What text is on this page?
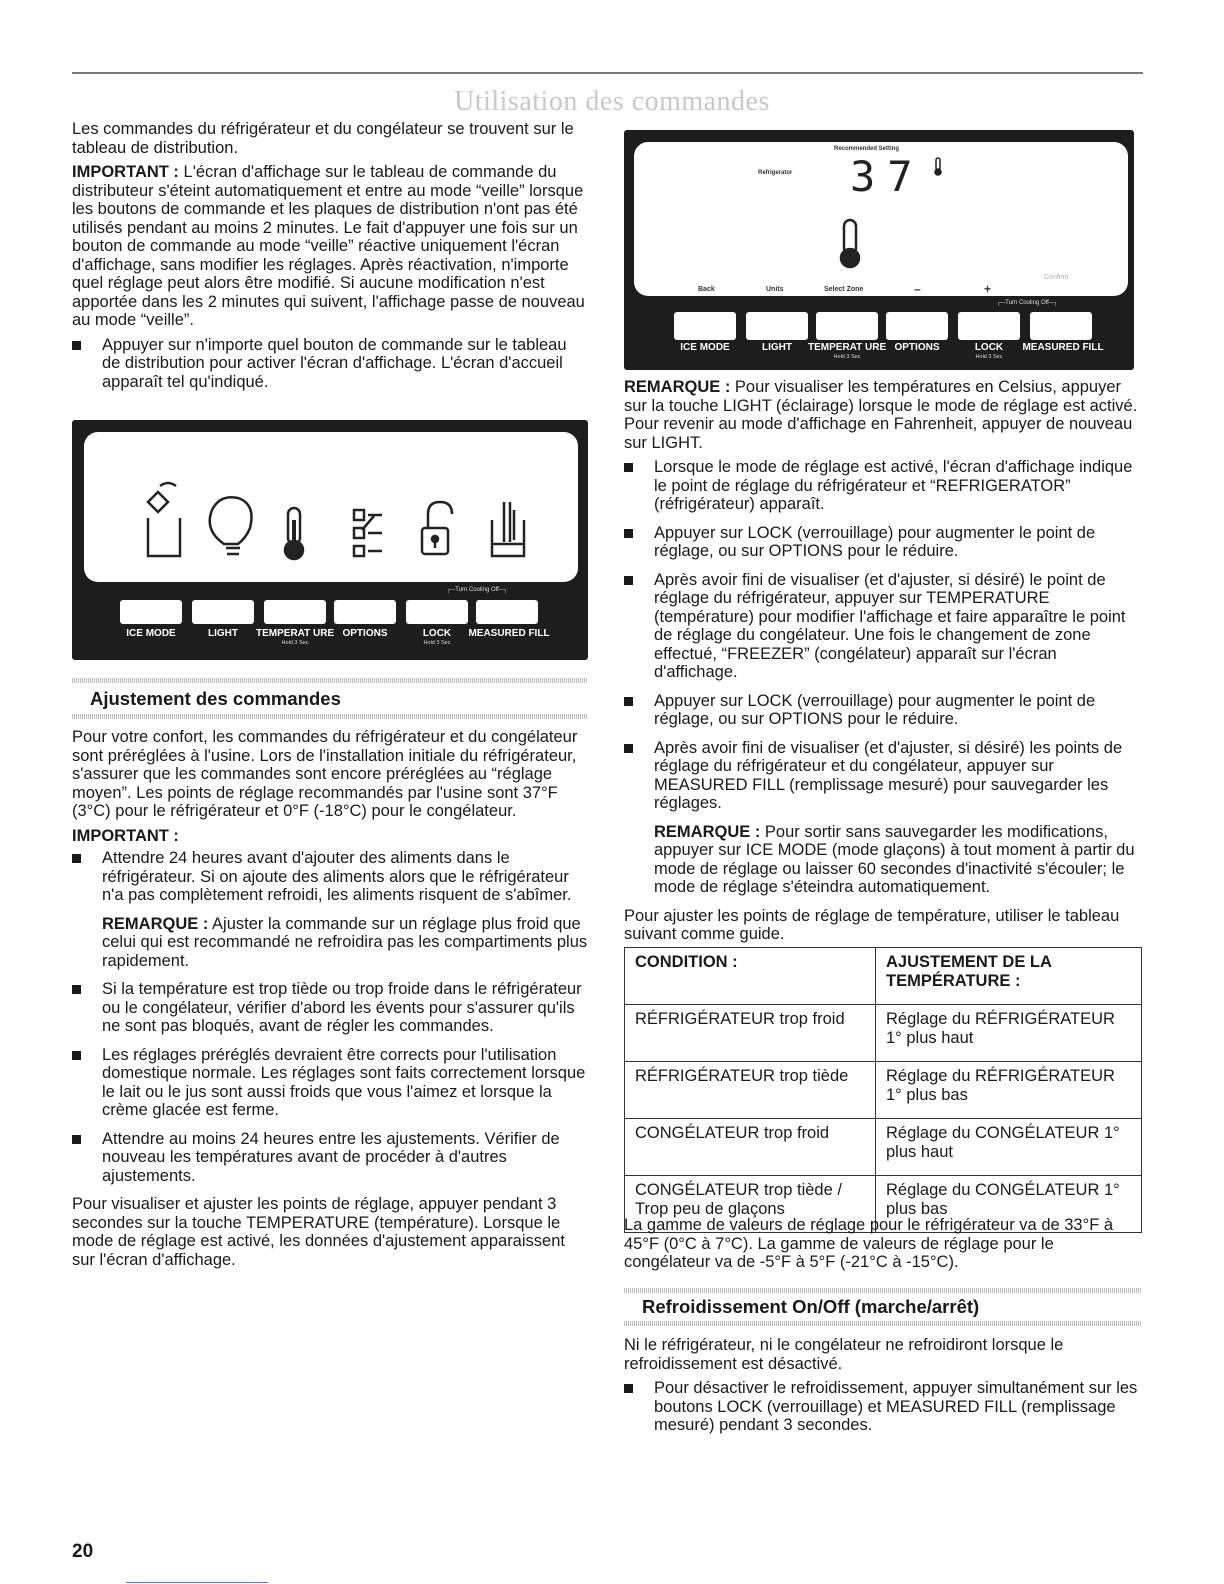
Utilisation des commandes

Les commandes du réfrigérateur et du congélateur se trouvent sur le tableau de distribution.

IMPORTANT : L'écran d'affichage sur le tableau de commande du distributeur s'éteint automatiquement et entre au mode “veille” lorsque les boutons de commande et les plaques de distribution n'ont pas été utilisés pendant au moins 2 minutes. Le fait d'appuyer une fois sur un bouton de commande au mode “veille” réactive uniquement l'écran d'affichage, sans modifier les réglages. Après réactivation, n'importe quel réglage peut alors être modifié. Si aucune modification n'est apportée dans les 2 minutes qui suivent, l'affichage passe de nouveau au mode “veille”.

Appuyer sur n'importe quel bouton de commande sur le tableau de distribution pour activer l'écran d'affichage. L'écran d'accueil apparaît tel qu'indiqué.
┌─Turn Cooling Off─┐
ICE MODE	LIGHT	TEMPERAT URE
Hold 3 Sec
OPTIONS	LOCK
Hold 3 Sec
MEASURED FILL
Ajustement des commandes

Pour votre confort, les commandes du réfrigérateur et du congélateur sont préréglées à l'usine. Lors de l'installation initiale du réfrigérateur, s'assurer que les commandes sont encore préréglées au “réglage moyen”. Les points de réglage recommandés par l'usine sont 37°F (3°C) pour le réfrigérateur et 0°F (-18°C) pour le congélateur.

IMPORTANT :

Attendre 24 heures avant d'ajouter des aliments dans le réfrigérateur. Si on ajoute des aliments alors que le réfrigérateur n'a pas complètement refroidi, les aliments risquent de s'abîmer.
REMARQUE : Ajuster la commande sur un réglage plus froid que celui qui est recommandé ne refroidira pas les compartiments plus rapidement.
Si la température est trop tiède ou trop froide dans le réfrigérateur ou le congélateur, vérifier d'abord les évents pour s'assurer qu'ils ne sont pas bloqués, avant de régler les commandes.
Les réglages préréglés devraient être corrects pour l'utilisation domestique normale. Les réglages sont faits correctement lorsque le lait ou le jus sont aussi froids que vous l'aimez et lorsque la crème glacée est ferme.
Attendre au moins 24 heures entre les ajustements. Vérifier de nouveau les températures avant de procéder à d'autres ajustements.

Pour visualiser et ajuster les points de réglage, appuyer pendant 3 secondes sur la touche TEMPERATURE (température). Lorsque le mode de réglage est activé, les données d'ajustement apparaissent sur l'écran d'affichage.

Recommended Setting
Refrigerator 37
Back	Units	Select Zone	–	+
Confirm
┌─Turn Cooling Off─┐
ICE MODE	LIGHT	TEMPERAT URE
Hold 3 Sec
OPTIONS	LOCK
Hold 3 Sec
MEASURED FILL

REMARQUE : Pour visualiser les températures en Celsius, appuyer sur la touche LIGHT (éclairage) lorsque le mode de réglage est activé. Pour revenir au mode d'affichage en Fahrenheit, appuyer de nouveau sur LIGHT.

Lorsque le mode de réglage est activé, l'écran d'affichage indique le point de réglage du réfrigérateur et “REFRIGERATOR” (réfrigérateur) apparaît.
Appuyer sur LOCK (verrouillage) pour augmenter le point de réglage, ou sur OPTIONS pour le réduire.
Après avoir fini de visualiser (et d'ajuster, si désiré) le point de réglage du réfrigérateur, appuyer sur TEMPERATURE (température) pour modifier l'affichage et faire apparaître le point de réglage du congélateur. Une fois le changement de zone effectué, “FREEZER” (congélateur) apparaît sur l'écran d'affichage.
Appuyer sur LOCK (verrouillage) pour augmenter le point de réglage, ou sur OPTIONS pour le réduire.
Après avoir fini de visualiser (et d'ajuster, si désiré) les points de réglage du réfrigérateur et du congélateur, appuyer sur MEASURED FILL (remplissage mesuré) pour sauvegarder les réglages.
REMARQUE : Pour sortir sans sauvegarder les modifications, appuyer sur ICE MODE (mode glaçons) à tout moment à partir du mode de réglage ou laisser 60 secondes d'inactivité s'écouler; le mode de réglage s'éteindra automatiquement.

Pour ajuster les points de réglage de température, utiliser le tableau suivant comme guide.

CONDITION :	AJUSTEMENT DE LA TEMPÉRATURE :
RÉFRIGÉRATEUR trop froid	Réglage du RÉFRIGÉRATEUR 1° plus haut
RÉFRIGÉRATEUR trop tiède	Réglage du RÉFRIGÉRATEUR 1° plus bas
CONGÉLATEUR trop froid	Réglage du CONGÉLATEUR 1° plus haut
CONGÉLATEUR trop tiède / Trop peu de glaçons	Réglage du CONGÉLATEUR 1° plus bas

La gamme de valeurs de réglage pour le réfrigérateur va de 33°F à 45°F (0°C à 7°C). La gamme de valeurs de réglage pour le congélateur va de -5°F à 5°F (-21°C à -15°C).

Refroidissement On/Off (marche/arrêt)

Ni le réfrigérateur, ni le congélateur ne refroidiront lorsque le refroidissement est désactivé.

Pour désactiver le refroidissement, appuyer simultanément sur les boutons LOCK (verrouillage) et MEASURED FILL (remplissage mesuré) pendant 3 secondes.
20
